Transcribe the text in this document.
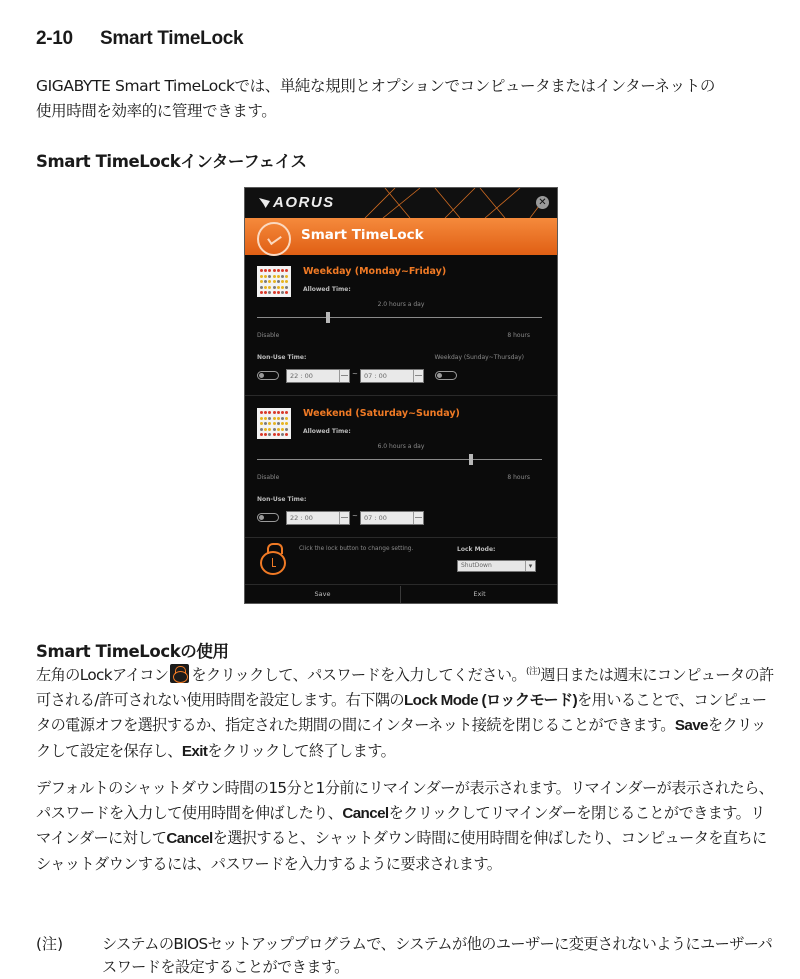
2-10 Smart TimeLock
GIGABYTE Smart TimeLockでは、単純な規則とオプションでコンピュータまたはインターネットの
使用時間を効率的に管理できます。
Smart TimeLockインターフェイス
AORUS	✕
Smart TimeLock
Weekday (Monday~Friday)
Allowed Time:
2.0 hours a day
Disable	8 hours
Non-Use Time:	Weekday (Sunday~Thursday)
22 : 00	~ 07 : 00
Weekend (Saturday~Sunday)
Allowed Time:
6.0 hours a day
Disable	8 hours
Non-Use Time:
22 : 00	~ 07 : 00
Click the lock button to change setting.	Lock Mode:
ShutDown ▾
Save	Exit
Smart TimeLockの使用
左角のLockアイコン をクリックして、パスワードを入力してください。$^{(注)}$週日または週末にコンピュータの許可される/許可されない使用時間を設定します。右下隅のLock Mode (ロックモード)を用いることで、コンピュータの電源オフを選択するか、指定された期間の間にインターネット接続を閉じることができます。Saveをクリックして設定を保存し、Exitをクリックして終了します。
デフォルトのシャットダウン時間の15分と1分前にリマインダーが表示されます。リマインダーが表示されたら、パスワードを入力して使用時間を伸ばしたり、Cancelをクリックしてリマインダーを閉じることができます。リマインダーに対してCancelを選択すると、シャットダウン時間に使用時間を伸ばしたり、コンピュータを直ちにシャットダウンするには、パスワードを入力するように要求されます。
(注)	システムのBIOSセットアッププログラムで、システムが他のユーザーに変更されないようにユーザーパスワードを設定することができます。
